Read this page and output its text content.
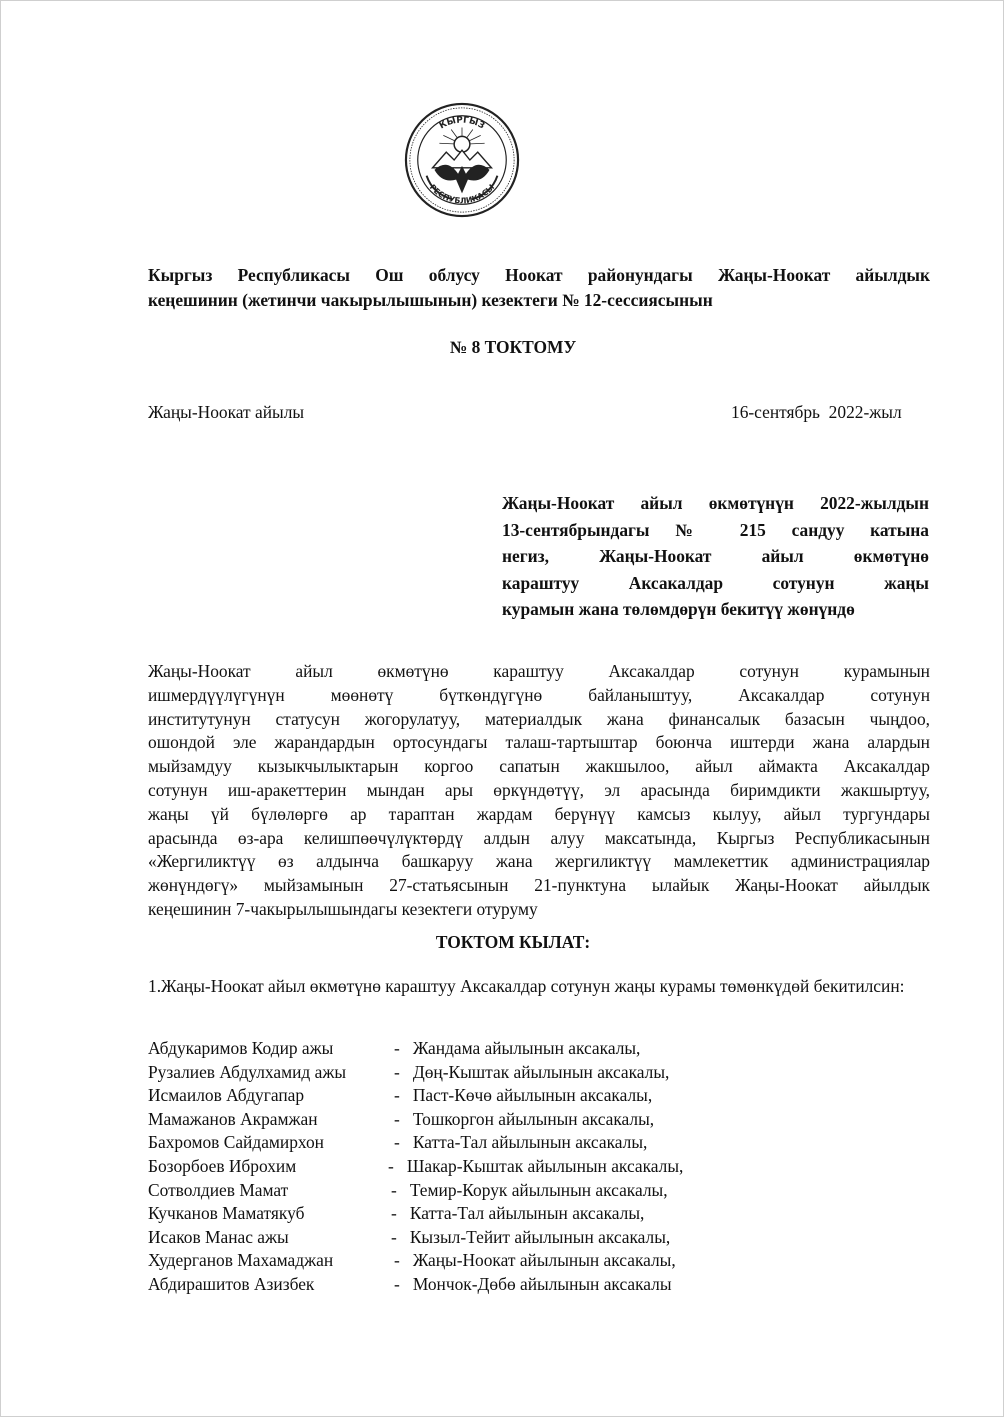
КЫРГЫЗ
РЕСПУБЛИКАСЫ
Кыргыз Республикасы Ош облусу Ноокат районундагы Жаңы-Ноокат айылдык
кеңешинин (жетинчи чакырылышынын) кезектеги № 12-сессиясынын
№ 8 ТОКТОМУ
Жаңы-Ноокат айылы	16-сентябрь  2022-жыл
Жаңы-Ноокат айыл өкмөтүнүн 2022-жылдын
13-сентябрындагы № 215 сандуу катына
негиз, Жаңы-Ноокат айыл өкмөтүнө
караштуу Аксакалдар сотунун жаңы
курамын жана төлөмдөрүн бекитүү жөнүндө
Жаңы-Ноокат айыл өкмөтүнө караштуу Аксакалдар сотунун курамынын
ишмердүүлүгүнүн мөөнөтү бүткөндүгүнө байланыштуу, Аксакалдар сотунун
институтунун статусун жогорулатуу, материалдык жана финансалык базасын чыңдоо,
ошондой эле жарандардын ортосундагы талаш-тартыштар боюнча иштерди жана алардын
мыйзамдуу кызыкчылыктарын коргоо сапатын жакшылоо, айыл аймакта Аксакалдар
сотунун иш-аракеттерин мындан ары өркүндөтүү, эл арасында биримдикти жакшыртуу,
жаңы үй бүлөлөргө ар тараптан жардам берүнүү камсыз кылуу, айыл тургундары
арасында өз-ара келишпөөчүлүктөрдү алдын алуу максатында, Кыргыз Республикасынын
«Жергиликтүү өз алдынча башкаруу жана жергиликтүү мамлекеттик администрациялар
жөнүндөгү» мыйзамынын 27-статьясынын 21-пунктуна ылайык Жаңы-Ноокат айылдык
кеңешинин 7-чакырылышындагы кезектеги отуруму
ТОКТОМ КЫЛАТ:
1.Жаңы-Ноокат айыл өкмөтүнө караштуу Аксакалдар сотунун жаңы курамы төмөнкүдөй бекитилсин:
Абдукаримов Кодир ажы	-   Жандама айылынын аксакалы,
Рузалиев Абдулхамид ажы	-   Дөң-Кыштак айылынын аксакалы,
Исмаилов Абдугапар	-   Паст-Көчө айылынын аксакалы,
Мамажанов Акрамжан	-   Тошкоргон айылынын аксакалы,
Бахромов Сайдамирхон	-   Катта-Тал айылынын аксакалы,
Бозорбоев Иброхим	-   Шакар-Кыштак айылынын аксакалы,
Сотволдиев Мамат	-   Темир-Корук айылынын аксакалы,
Кучканов Маматякуб	-   Катта-Тал айылынын аксакалы,
Исаков Манас ажы	-   Кызыл-Тейит айылынын аксакалы,
Худерганов Махамаджан	-   Жаңы-Ноокат айылынын аксакалы,
Абдирашитов Азизбек	-   Мончок-Дөбө айылынын аксакалы
